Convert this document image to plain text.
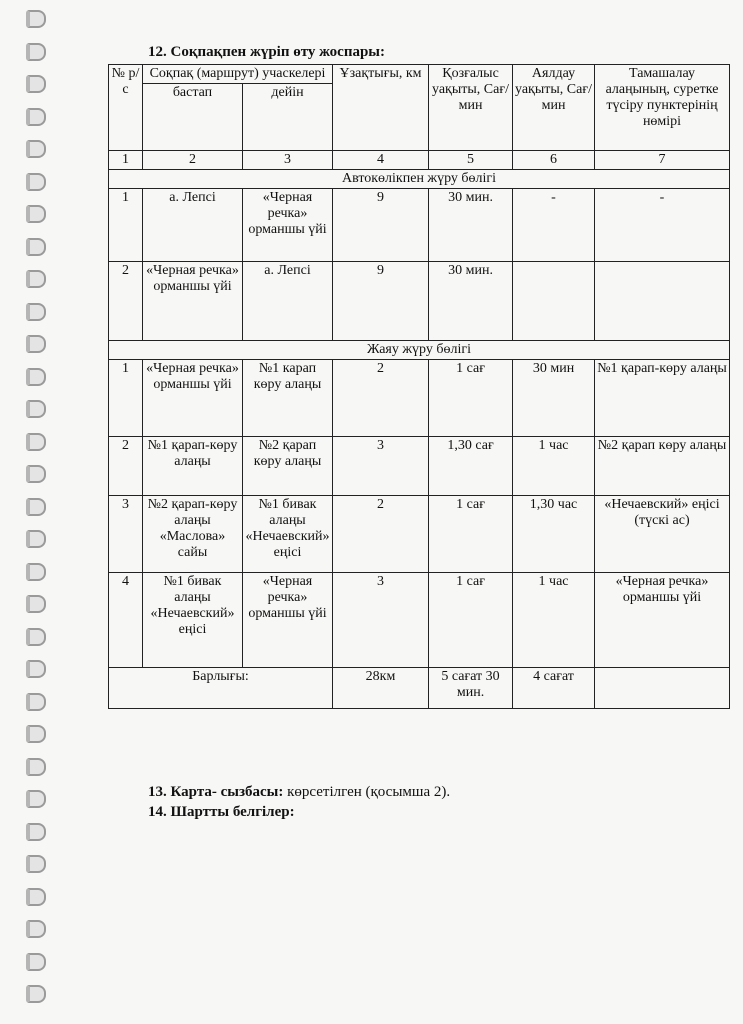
12. Соқпақпен жүріп өту жоспары:
№ р/с	Соқпақ (маршрут) учаскелері		Ұзақтығы, км	Қозғалыс уақыты, Сағ/мин	Аялдау уақыты, Сағ/мин	Тамашалау алаңының, суретке түсіру пунктерінің нөмірі
	бастап	дейін				
1	2	3	4	5	6	7
Автокөлікпен жүру бөлігі						
1	а. Лепсі	«Черная речка» орманшы үйі	9	30 мин.	-	-
2	«Черная речка» орманшы үйі	а. Лепсі	9	30 мин.		
Жаяу жүру бөлігі						
1	«Черная речка» орманшы үйі	№1 карап көру алаңы	2	1 сағ	30 мин	№1 қарап-көру алаңы
2	№1 қарап-көру алаңы	№2 қарап көру алаңы	3	1,30 сағ	1 час	№2 қарап көру алаңы
3	№2 қарап-көру алаңы «Маслова» сайы	№1 бивак алаңы «Нечаевский» еңісі	2	1 сағ	1,30 час	«Нечаевский» еңісі (түскі ас)
4	№1 бивак алаңы «Нечаевский» еңісі	«Черная речка» орманшы үйі	3	1 сағ	1 час	«Черная речка» орманшы үйі
Барлығы:			28км	5 сағат 30 мин.	4 сағат	
13. Карта- сызбасы: көрсетілген (қосымша 2).
14. Шартты белгілер:
